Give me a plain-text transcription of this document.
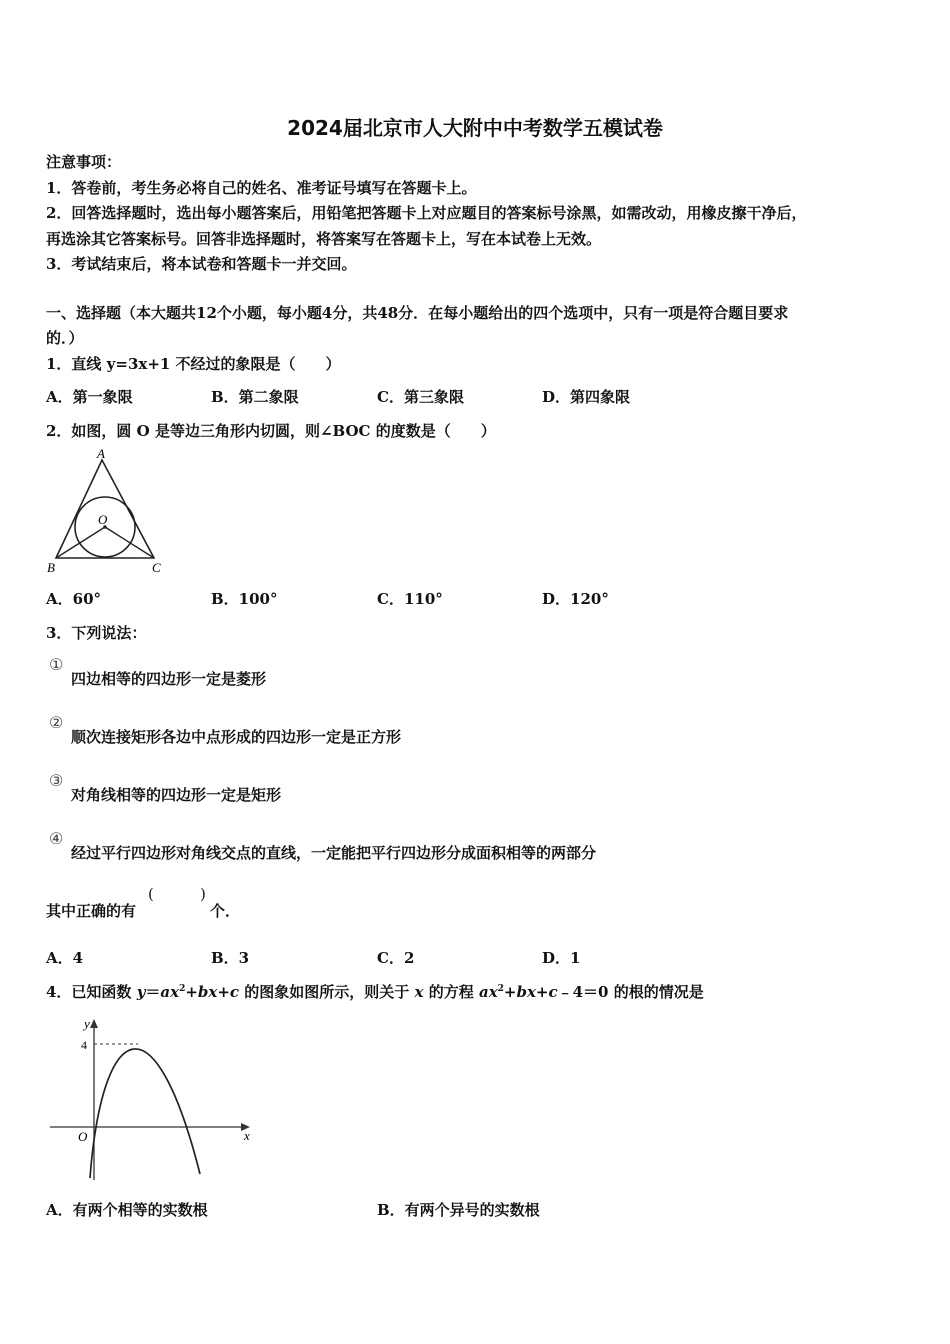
2024届北京市人大附中中考数学五模试卷
注意事项：
1．答卷前，考生务必将自己的姓名、准考证号填写在答题卡上。
2．回答选择题时，选出每小题答案后，用铅笔把答题卡上对应题目的答案标号涂黑，如需改动，用橡皮擦干净后，
再选涂其它答案标号。回答非选择题时，将答案写在答题卡上，写在本试卷上无效。
3．考试结束后，将本试卷和答题卡一并交回。
一、选择题（本大题共12个小题，每小题4分，共48分．在每小题给出的四个选项中，只有一项是符合题目要求
的．）
1．直线 y=3x+1 不经过的象限是（　　）
A．第一象限	B．第二象限	C．第三象限	D．第四象限
2．如图，圆 O 是等边三角形内切圆，则∠BOC 的度数是（　　）
A
B	C
O
A．60°	B．100°	C．110°	D．120°
3．下列说法：
①
四边相等的四边形一定是菱形
②
顺次连接矩形各边中点形成的四边形一定是正方形
③
对角线相等的四边形一定是矩形
④
经过平行四边形对角线交点的直线，一定能把平行四边形分成面积相等的两部分
其中正确的有
(	)
个．
A．4	B．3	C．2	D．1
4．已知函数 $y=ax^2+bx+c$ 的图象如图所示，则关于 x 的方程 $ax^2+bx+c﹣4=0$ 的根的情况是
y
x
O
4
A．有两个相等的实数根	B．有两个异号的实数根
